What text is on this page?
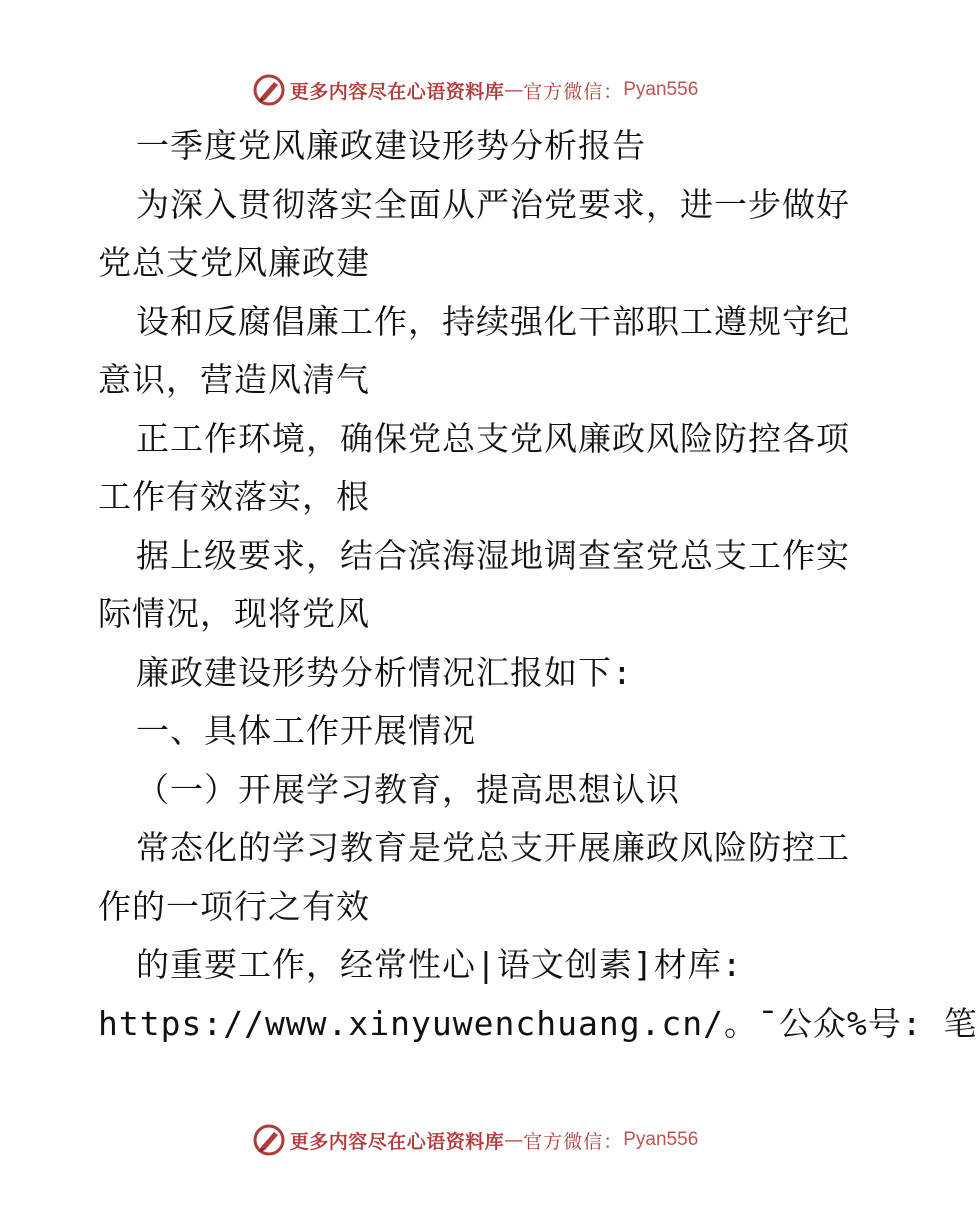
更多内容尽在心语资料库 — 官方微信： Pyan556
一季度党风廉政建设形势分析报告
为深入贯彻落实全面从严治党要求，进一步做好
党总支党风廉政建
设和反腐倡廉工作，持续强化干部职工遵规守纪
意识，营造风清气
正工作环境，确保党总支党风廉政风险防控各项
工作有效落实，根
据上级要求，结合滨海湿地调查室党总支工作实
际情况，现将党风
廉政建设形势分析情况汇报如下:
一、具体工作开展情况
（一）开展学习教育，提高思想认识
常态化的学习教育是党总支开展廉政风险防控工
作的一项行之有效
的重要工作，经常性心|语文创素]材库:
https://www.xinyuwenchuang.cn/。¯公众%号: 笔
更多内容尽在心语资料库 — 官方微信： Pyan556
